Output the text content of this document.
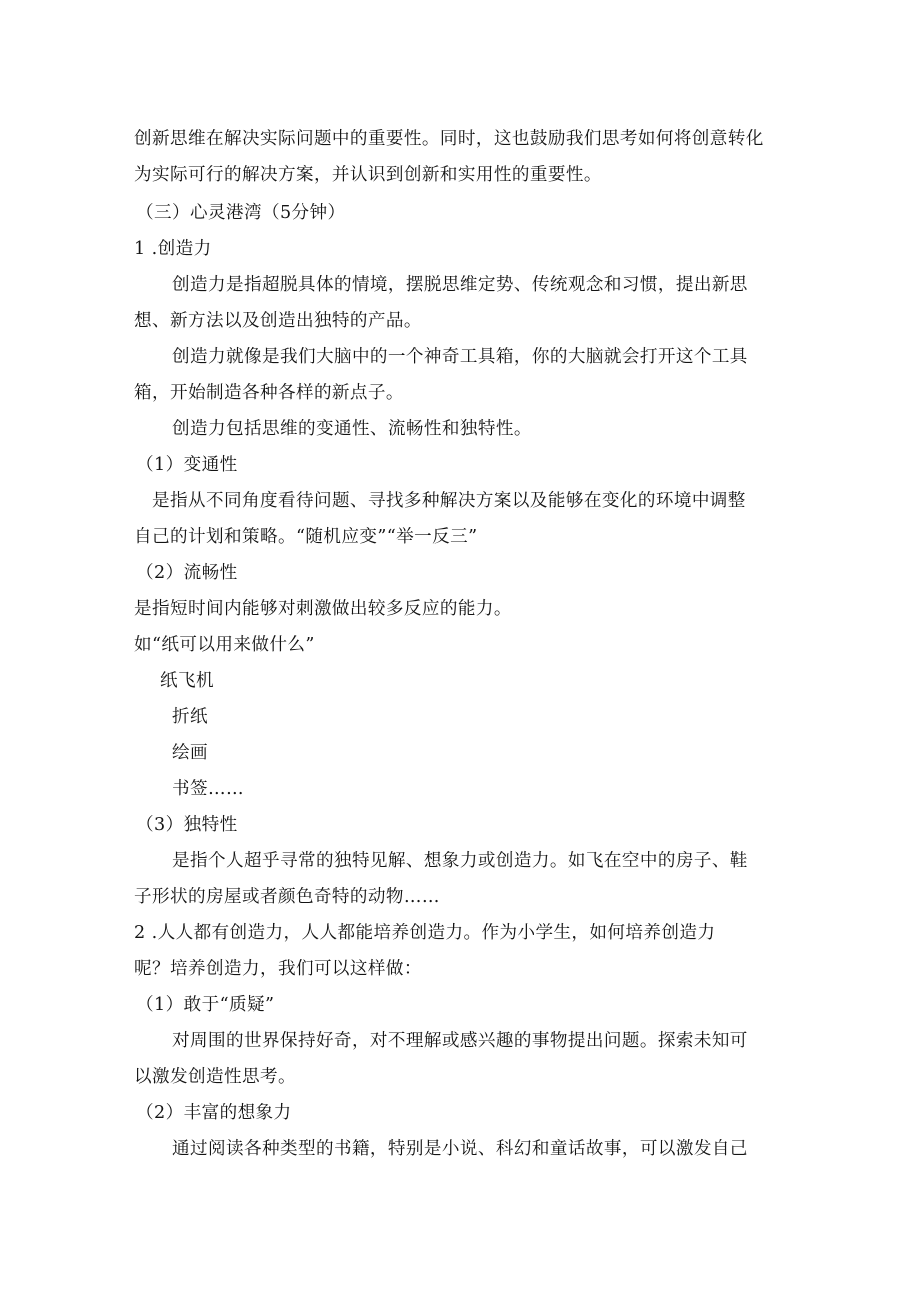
创新思维在解决实际问题中的重要性。同时，这也鼓励我们思考如何将创意转化
为实际可行的解决方案，并认识到创新和实用性的重要性。
（三）心灵港湾（5分钟）
1 .创造力
创造力是指超脱具体的情境，摆脱思维定势、传统观念和习惯，提出新思
想、新方法以及创造出独特的产品。
创造力就像是我们大脑中的一个神奇工具箱，你的大脑就会打开这个工具
箱，开始制造各种各样的新点子。
创造力包括思维的变通性、流畅性和独特性。
（1）变通性
是指从不同角度看待问题、寻找多种解决方案以及能够在变化的环境中调整
自己的计划和策略。“随机应变”“举一反三”
（2）流畅性
是指短时间内能够对刺激做出较多反应的能力。
如“纸可以用来做什么”
纸飞机
折纸
绘画
书签……
（3）独特性
是指个人超乎寻常的独特见解、想象力或创造力。如飞在空中的房子、鞋
子形状的房屋或者颜色奇特的动物……
2 .人人都有创造力，人人都能培养创造力。作为小学生，如何培养创造力
呢？培养创造力，我们可以这样做：
（1）敢于“质疑”
对周围的世界保持好奇，对不理解或感兴趣的事物提出问题。探索未知可
以激发创造性思考。
（2）丰富的想象力
通过阅读各种类型的书籍，特别是小说、科幻和童话故事，可以激发自己
